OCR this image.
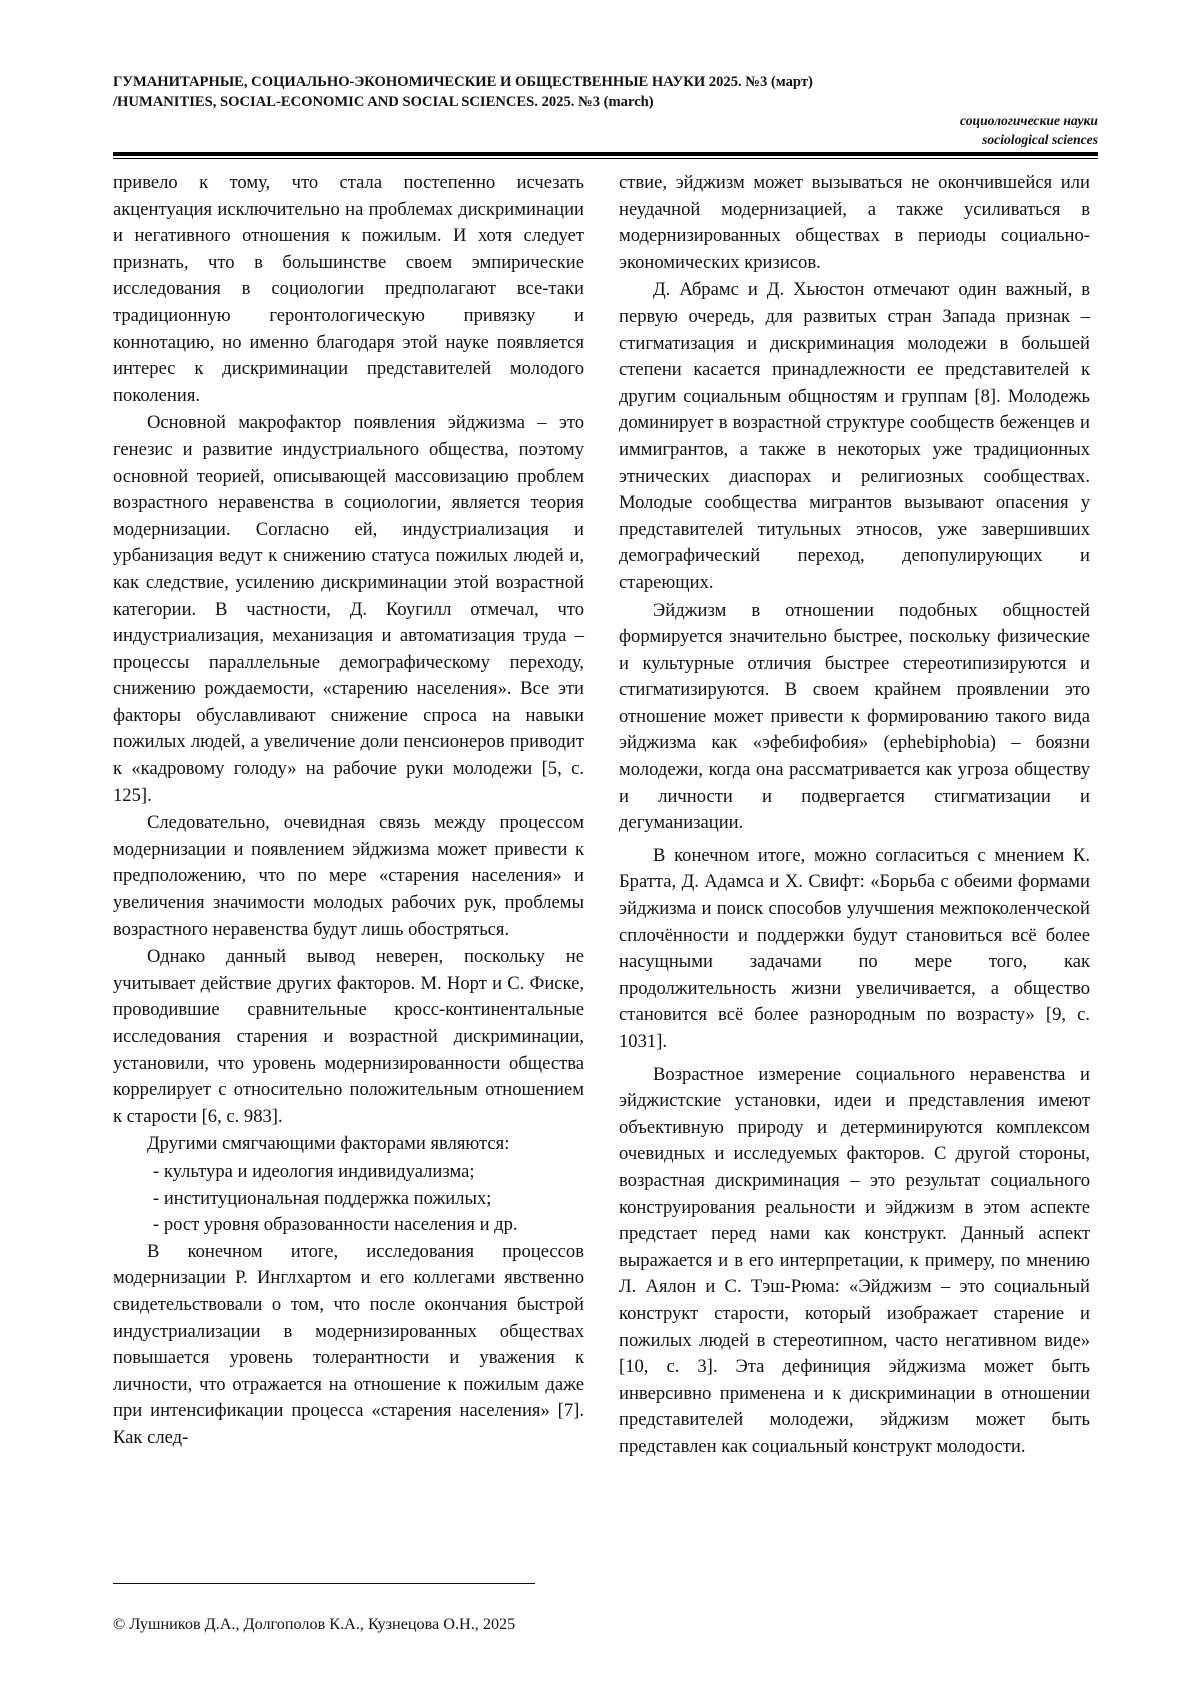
ГУМАНИТАРНЫЕ, СОЦИАЛЬНО-ЭКОНОМИЧЕСКИЕ И ОБЩЕСТВЕННЫЕ НАУКИ 2025. №3 (март)
/HUMANITIES, SOCIAL-ECONOMIC AND SOCIAL SCIENCES. 2025. №3 (march)
социологические науки
sociological sciences

привело к тому, что стала постепенно исчезать акцентуация исключительно на проблемах дискриминации и негативного отношения к пожилым. И хотя следует признать, что в большинстве своем эмпирические исследования в социологии предполагают все-таки традиционную геронтологическую привязку и коннотацию, но именно благодаря этой науке появляется интерес к дискриминации представителей молодого поколения.

Основной макрофактор появления эйджизма – это генезис и развитие индустриального общества, поэтому основной теорией, описывающей массовизацию проблем возрастного неравенства в социологии, является теория модернизации. Согласно ей, индустриализация и урбанизация ведут к снижению статуса пожилых людей и, как следствие, усилению дискриминации этой возрастной категории. В частности, Д. Коугилл отмечал, что индустриализация, механизация и автоматизация труда – процессы параллельные демографическому переходу, снижению рождаемости, «старению населения». Все эти факторы обуславливают снижение спроса на навыки пожилых людей, а увеличение доли пенсионеров приводит к «кадровому голоду» на рабочие руки молодежи [5, с. 125].

Следовательно, очевидная связь между процессом модернизации и появлением эйджизма может привести к предположению, что по мере «старения населения» и увеличения значимости молодых рабочих рук, проблемы возрастного неравенства будут лишь обостряться.

Однако данный вывод неверен, поскольку не учитывает действие других факторов. М. Норт и С. Фиске, проводившие сравнительные кросс-континентальные исследования старения и возрастной дискриминации, установили, что уровень модернизированности общества коррелирует с относительно положительным отношением к старости [6, с. 983].

Другими смягчающими факторами являются:

- культура и идеология индивидуализма;
- институциональная поддержка пожилых;
- рост уровня образованности населения и др.

В конечном итоге, исследования процессов модернизации Р. Инглхартом и его коллегами явственно свидетельствовали о том, что после окончания быстрой индустриализации в модернизированных обществах повышается уровень толерантности и уважения к личности, что отражается на отношение к пожилым даже при интенсификации процесса «старения населения» [7]. Как след-

ствие, эйджизм может вызываться не окончившейся или неудачной модернизацией, а также усиливаться в модернизированных обществах в периоды социально-экономических кризисов.

Д. Абрамс и Д. Хьюстон отмечают один важный, в первую очередь, для развитых стран Запада признак – стигматизация и дискриминация молодежи в большей степени касается принадлежности ее представителей к другим социальным общностям и группам [8]. Молодежь доминирует в возрастной структуре сообществ беженцев и иммигрантов, а также в некоторых уже традиционных этнических диаспорах и религиозных сообществах. Молодые сообщества мигрантов вызывают опасения у представителей титульных этносов, уже завершивших демографический переход, депопулирующих и стареющих.

Эйджизм в отношении подобных общностей формируется значительно быстрее, поскольку физические и культурные отличия быстрее стереотипизируются и стигматизируются. В своем крайнем проявлении это отношение может привести к формированию такого вида эйджизма как «эфебифобия» (ephebiphobia) – боязни молодежи, когда она рассматривается как угроза обществу и личности и подвергается стигматизации и дегуманизации.

В конечном итоге, можно согласиться с мнением К. Братта, Д. Адамса и Х. Свифт: «Борьба с обеими формами эйджизма и поиск способов улучшения межпоколенческой сплочённости и поддержки будут становиться всё более насущными задачами по мере того, как продолжительность жизни увеличивается, а общество становится всё более разнородным по возрасту» [9, с. 1031].

Возрастное измерение социального неравенства и эйджистские установки, идеи и представления имеют объективную природу и детерминируются комплексом очевидных и исследуемых факторов. С другой стороны, возрастная дискриминация – это результат социального конструирования реальности и эйджизм в этом аспекте предстает перед нами как конструкт. Данный аспект выражается и в его интерпретации, к примеру, по мнению Л. Аялон и С. Тэш-Рюма: «Эйджизм – это социальный конструкт старости, который изображает старение и пожилых людей в стереотипном, часто негативном виде» [10, с. 3]. Эта дефиниция эйджизма может быть инверсивно применена и к дискриминации в отношении представителей молодежи, эйджизм может быть представлен как социальный конструкт молодости.

© Лушников Д.А., Долгополов К.А., Кузнецова О.Н., 2025
